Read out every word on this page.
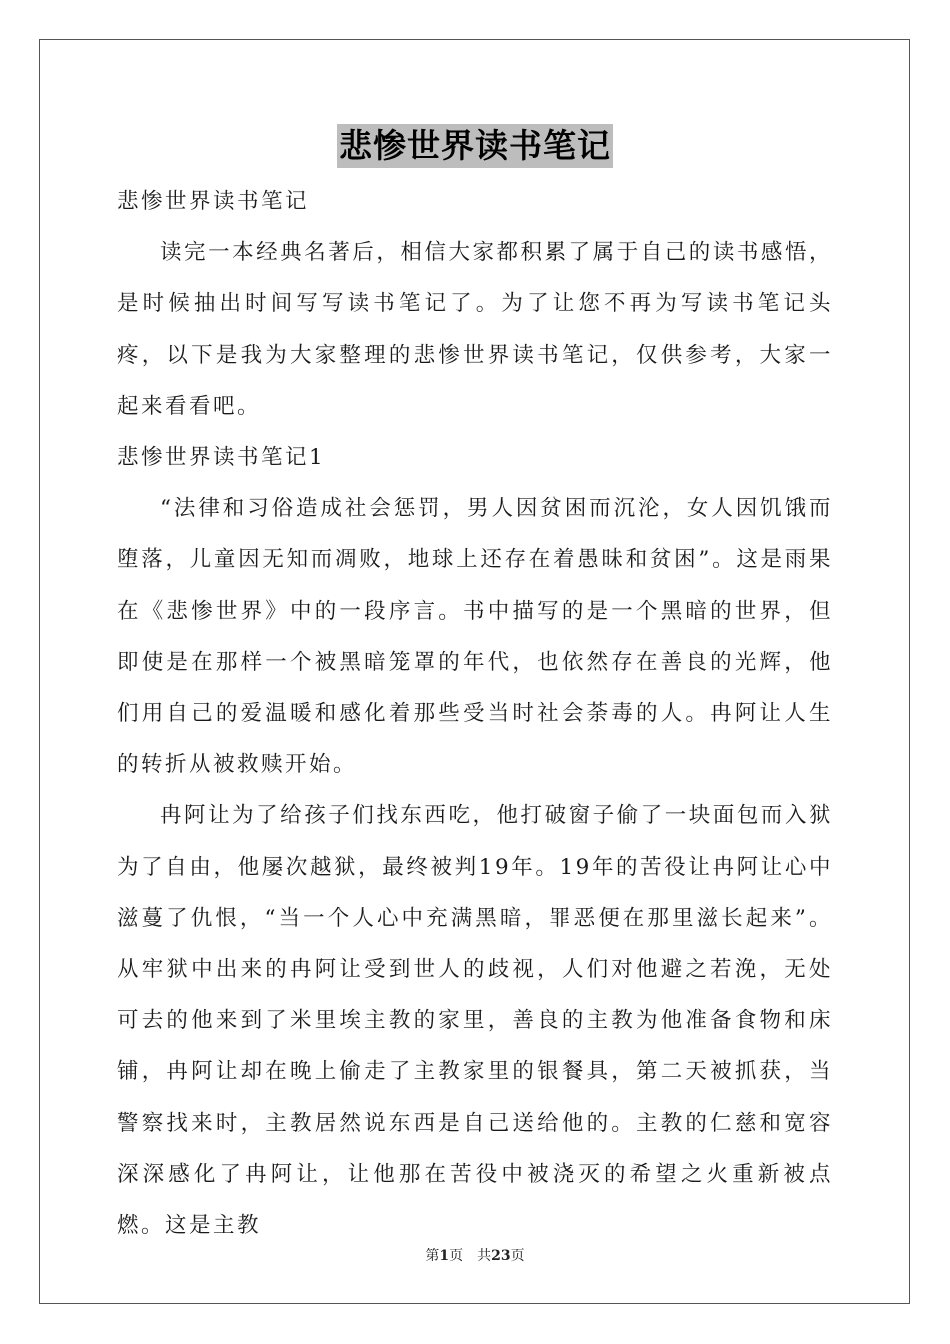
悲惨世界读书笔记

悲惨世界读书笔记

读完一本经典名著后，相信大家都积累了属于自己的读书感悟，是时候抽出时间写写读书笔记了。为了让您不再为写读书笔记头疼，以下是我为大家整理的悲惨世界读书笔记，仅供参考，大家一起来看看吧。

悲惨世界读书笔记1

“法律和习俗造成社会惩罚，男人因贫困而沉沦，女人因饥饿而堕落，儿童因无知而凋败，地球上还存在着愚昧和贫困”。这是雨果在《悲惨世界》中的一段序言。书中描写的是一个黑暗的世界，但即使是在那样一个被黑暗笼罩的年代，也依然存在善良的光辉，他们用自己的爱温暖和感化着那些受当时社会荼毒的人。冉阿让人生的转折从被救赎开始。

冉阿让为了给孩子们找东西吃，他打破窗子偷了一块面包而入狱为了自由，他屡次越狱，最终被判19年。19年的苦役让冉阿让心中滋蔓了仇恨，“当一个人心中充满黑暗，罪恶便在那里滋长起来”。从牢狱中出来的冉阿让受到世人的歧视，人们对他避之若浼，无处可去的他来到了米里埃主教的家里，善良的主教为他准备食物和床铺，冉阿让却在晚上偷走了主教家里的银餐具，第二天被抓获，当警察找来时，主教居然说东西是自己送给他的。主教的仁慈和宽容深深感化了冉阿让，让他那在苦役中被浇灭的希望之火重新被点燃。这是主教

第1页 共23页
